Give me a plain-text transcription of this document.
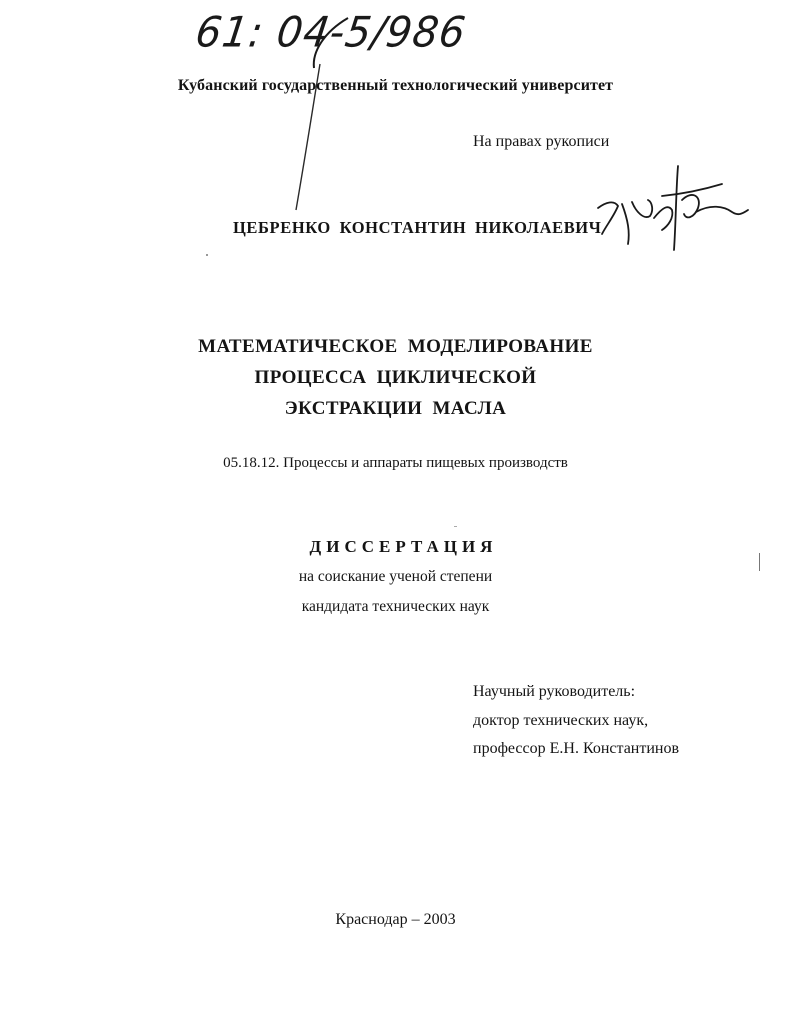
61: 04-5/986

Кубанский государственный технологический университет

На правах рукописи

ЦЕБРЕНКО КОНСТАНТИН НИКОЛАЕВИЧ

МАТЕМАТИЧЕСКОЕ МОДЕЛИРОВАНИЕ

ПРОЦЕССА ЦИКЛИЧЕСКОЙ

ЭКСТРАКЦИИ МАСЛА

05.18.12. Процессы и аппараты пищевых производств

ДИССЕРТАЦИЯ

на соискание ученой степени

кандидата технических наук

Научный руководитель:

доктор технических наук,

профессор Е.Н. Константинов

Краснодар – 2003
